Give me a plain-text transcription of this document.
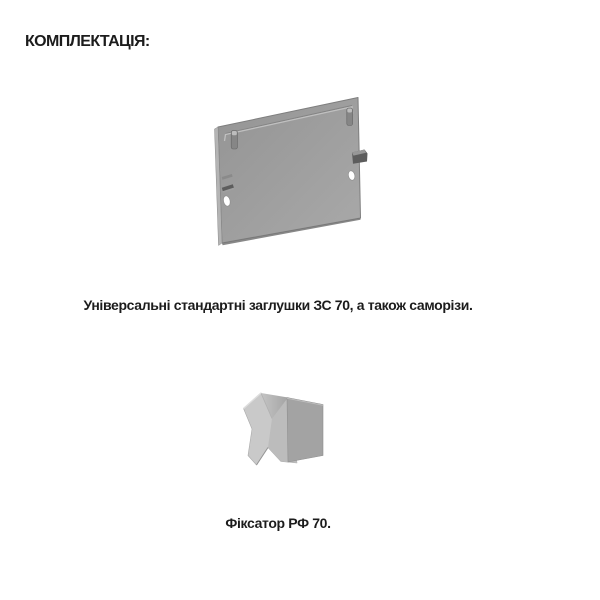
КОМПЛЕКТАЦІЯ:
Універсальні стандартні заглушки ЗС 70, а також саморізи.
Фіксатор РФ 70.
